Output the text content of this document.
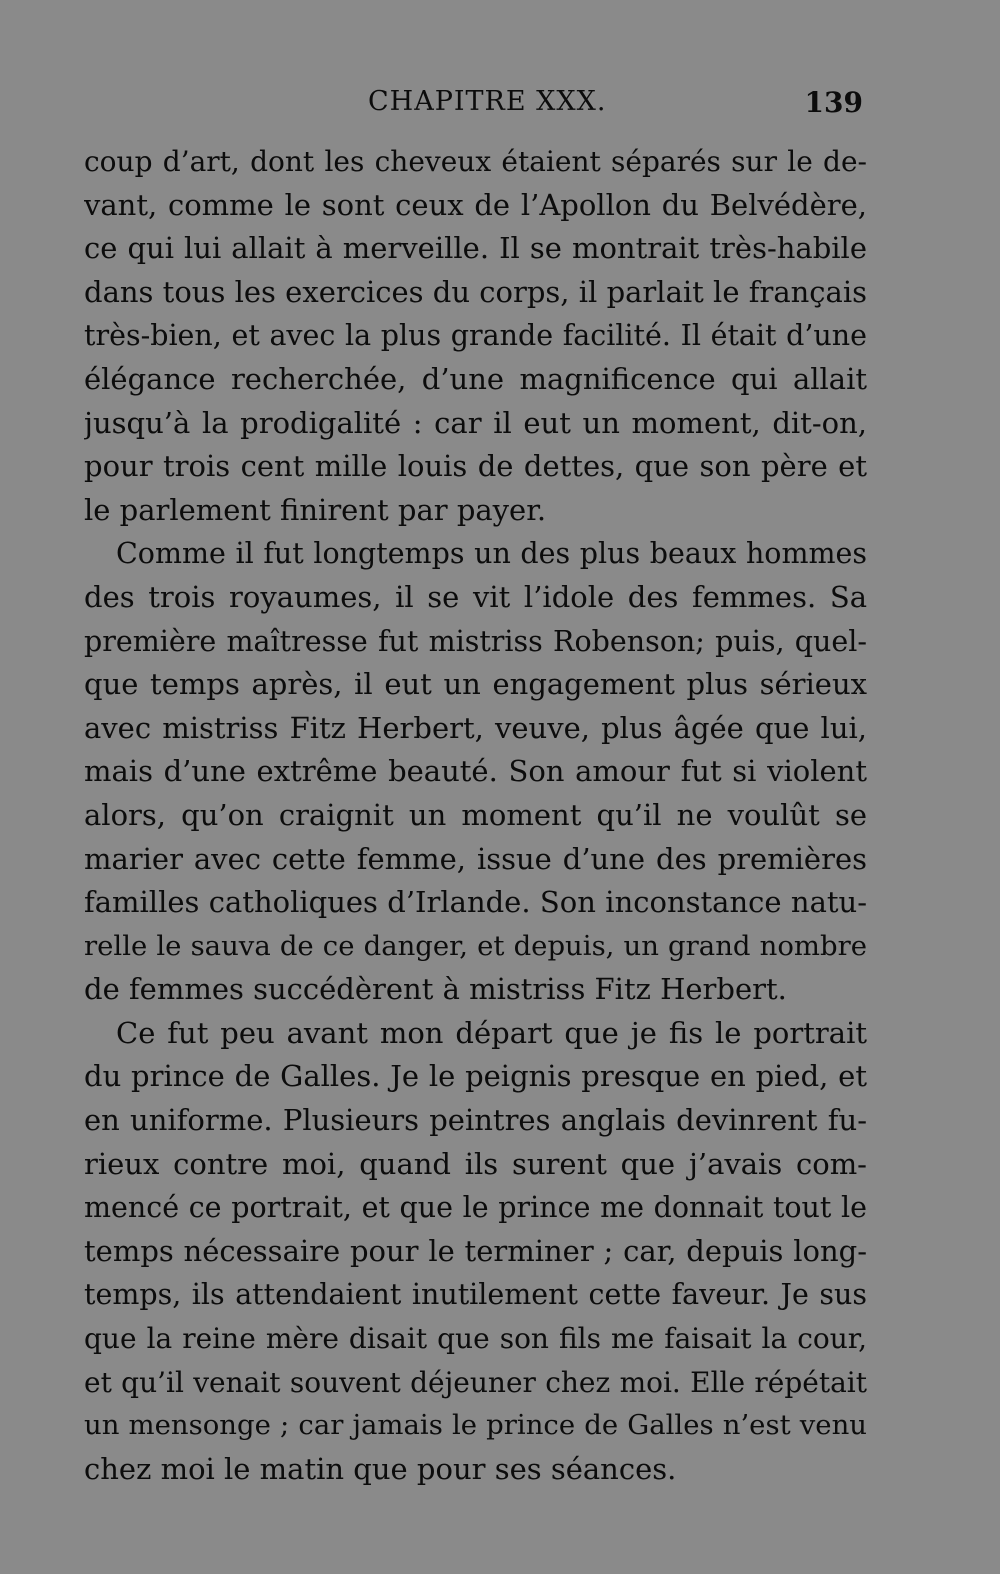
CHAPITRE XXX.	139
coup d’art, dont les cheveux étaient séparés sur le de-
vant, comme le sont ceux de l’Apollon du Belvédère,
ce qui lui allait à merveille. Il se montrait très-habile
dans tous les exercices du corps, il parlait le français
très-bien, et avec la plus grande facilité. Il était d’une
élégance recherchée, d’une magnificence qui allait
jusqu’à la prodigalité : car il eut un moment, dit-on,
pour trois cent mille louis de dettes, que son père et
le parlement finirent par payer.
Comme il fut longtemps un des plus beaux hommes
des trois royaumes, il se vit l’idole des femmes. Sa
première maîtresse fut mistriss Robenson; puis, quel-
que temps après, il eut un engagement plus sérieux
avec mistriss Fitz Herbert, veuve, plus âgée que lui,
mais d’une extrême beauté. Son amour fut si violent
alors, qu’on craignit un moment qu’il ne voulût se
marier avec cette femme, issue d’une des premières
familles catholiques d’Irlande. Son inconstance natu-
relle le sauva de ce danger, et depuis, un grand nombre
de femmes succédèrent à mistriss Fitz Herbert.
Ce fut peu avant mon départ que je fis le portrait
du prince de Galles. Je le peignis presque en pied, et
en uniforme. Plusieurs peintres anglais devinrent fu-
rieux contre moi, quand ils surent que j’avais com-
mencé ce portrait, et que le prince me donnait tout le
temps nécessaire pour le terminer ; car, depuis long-
temps, ils attendaient inutilement cette faveur. Je sus
que la reine mère disait que son fils me faisait la cour,
et qu’il venait souvent déjeuner chez moi. Elle répétait
un mensonge ; car jamais le prince de Galles n’est venu
chez moi le matin que pour ses séances.
